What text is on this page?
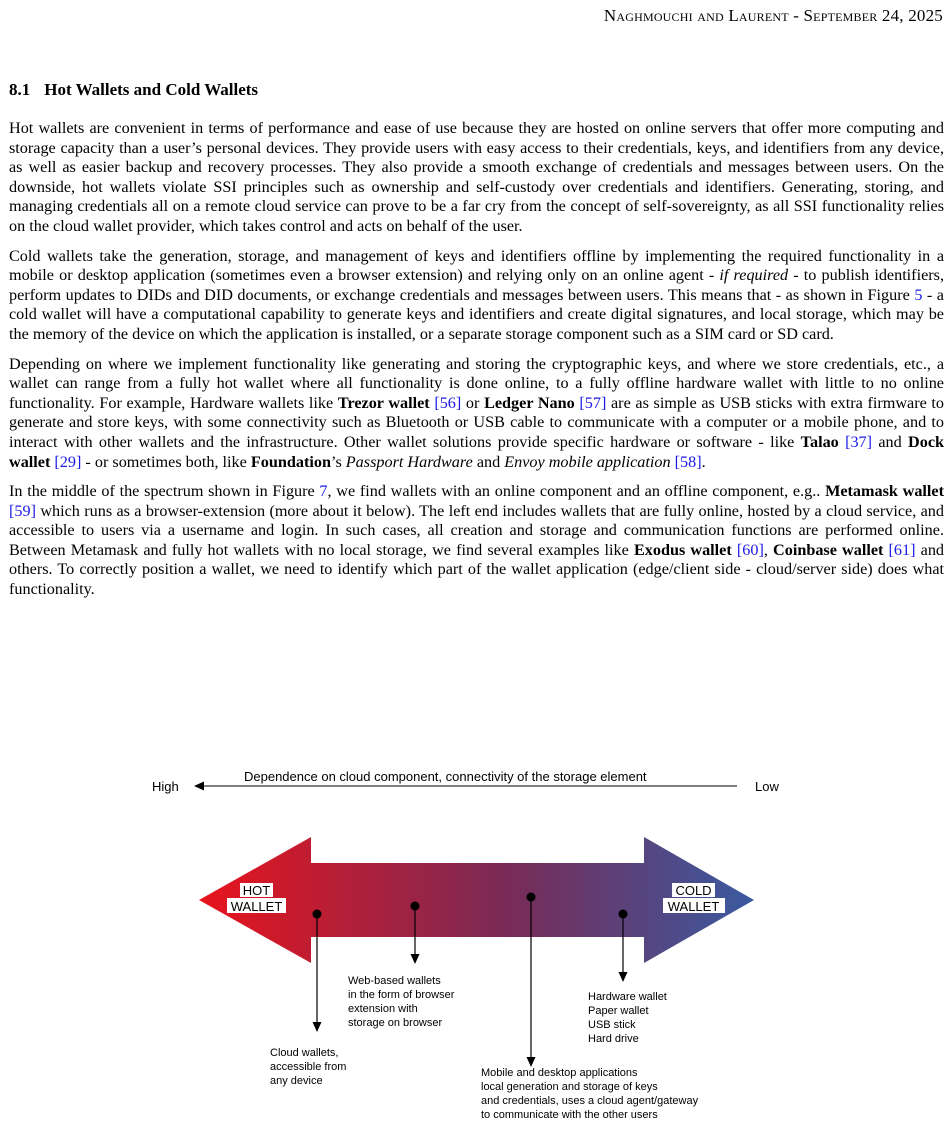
Naghmouchi and Laurent - September 24, 2025
8.1 Hot Wallets and Cold Wallets

Hot wallets are convenient in terms of performance and ease of use because they are hosted on online servers that offer more computing and storage capacity than a user’s personal devices. They provide users with easy access to their credentials, keys, and identifiers from any device, as well as easier backup and recovery processes. They also provide a smooth exchange of credentials and messages between users. On the downside, hot wallets violate SSI principles such as ownership and self-custody over credentials and identifiers. Generating, storing, and managing credentials all on a remote cloud service can prove to be a far cry from the concept of self-sovereignty, as all SSI functionality relies on the cloud wallet provider, which takes control and acts on behalf of the user.

Cold wallets take the generation, storage, and management of keys and identifiers offline by implementing the required functionality in a mobile or desktop application (sometimes even a browser extension) and relying only on an online agent - if required - to publish identifiers, perform updates to DIDs and DID documents, or exchange credentials and messages between users. This means that - as shown in Figure 5 - a cold wallet will have a computational capability to generate keys and identifiers and create digital signatures, and local storage, which may be the memory of the device on which the application is installed, or a separate storage component such as a SIM card or SD card.

Depending on where we implement functionality like generating and storing the cryptographic keys, and where we store credentials, etc., a wallet can range from a fully hot wallet where all functionality is done online, to a fully offline hardware wallet with little to no online functionality. For example, Hardware wallets like Trezor wallet [56] or Ledger Nano [57] are as simple as USB sticks with extra firmware to generate and store keys, with some connectivity such as Bluetooth or USB cable to communicate with a computer or a mobile phone, and to interact with other wallets and the infrastructure. Other wallet solutions provide specific hardware or software - like Talao [37] and Dock wallet [29] - or sometimes both, like Foundation’s Passport Hardware and Envoy mobile application [58].

In the middle of the spectrum shown in Figure 7, we find wallets with an online component and an offline component, e.g.. Metamask wallet [59] which runs as a browser-extension (more about it below). The left end includes wallets that are fully online, hosted by a cloud service, and accessible to users via a username and login. In such cases, all creation and storage and communication functions are performed online. Between Metamask and fully hot wallets with no local storage, we find several examples like Exodus wallet [60], Coinbase wallet [61] and others. To correctly position a wallet, we need to identify which part of the wallet application (edge/client side - cloud/server side) does what functionality.

High
Dependence on cloud component, connectivity of the storage element
Low
HOT
WALLET
COLD
WALLET
Cloud wallets, accessible from any device
Web-based wallets in the form of browser extension with storage on browser
Mobile and desktop applications local generation and storage of keys and credentials, uses a cloud agent/gateway to communicate with the other users
Hardware wallet Paper wallet USB stick Hard drive
